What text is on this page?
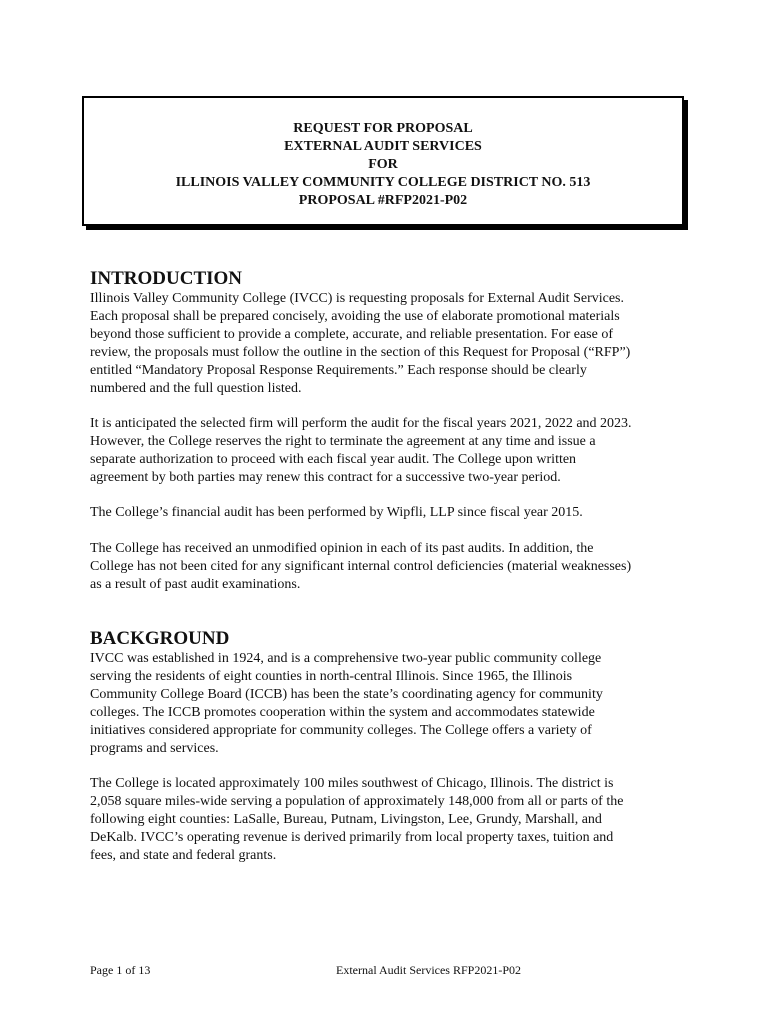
REQUEST FOR PROPOSAL
EXTERNAL AUDIT SERVICES
FOR
ILLINOIS VALLEY COMMUNITY COLLEGE DISTRICT NO. 513
PROPOSAL #RFP2021-P02
INTRODUCTION

Illinois Valley Community College (IVCC) is requesting proposals for External Audit Services.
Each proposal shall be prepared concisely, avoiding the use of elaborate promotional materials
beyond those sufficient to provide a complete, accurate, and reliable presentation. For ease of
review, the proposals must follow the outline in the section of this Request for Proposal (“RFP”)
entitled “Mandatory Proposal Response Requirements.” Each response should be clearly
numbered and the full question listed.

It is anticipated the selected firm will perform the audit for the fiscal years 2021, 2022 and 2023.
However, the College reserves the right to terminate the agreement at any time and issue a
separate authorization to proceed with each fiscal year audit. The College upon written
agreement by both parties may renew this contract for a successive two-year period.

The College’s financial audit has been performed by Wipfli, LLP since fiscal year 2015.

The College has received an unmodified opinion in each of its past audits. In addition, the
College has not been cited for any significant internal control deficiencies (material weaknesses)
as a result of past audit examinations.

BACKGROUND

IVCC was established in 1924, and is a comprehensive two-year public community college
serving the residents of eight counties in north-central Illinois. Since 1965, the Illinois
Community College Board (ICCB) has been the state’s coordinating agency for community
colleges. The ICCB promotes cooperation within the system and accommodates statewide
initiatives considered appropriate for community colleges. The College offers a variety of
programs and services.

The College is located approximately 100 miles southwest of Chicago, Illinois. The district is
2,058 square miles-wide serving a population of approximately 148,000 from all or parts of the
following eight counties: LaSalle, Bureau, Putnam, Livingston, Lee, Grundy, Marshall, and
DeKalb. IVCC’s operating revenue is derived primarily from local property taxes, tuition and
fees, and state and federal grants.

Page 1 of 13	External Audit Services RFP2021-P02
